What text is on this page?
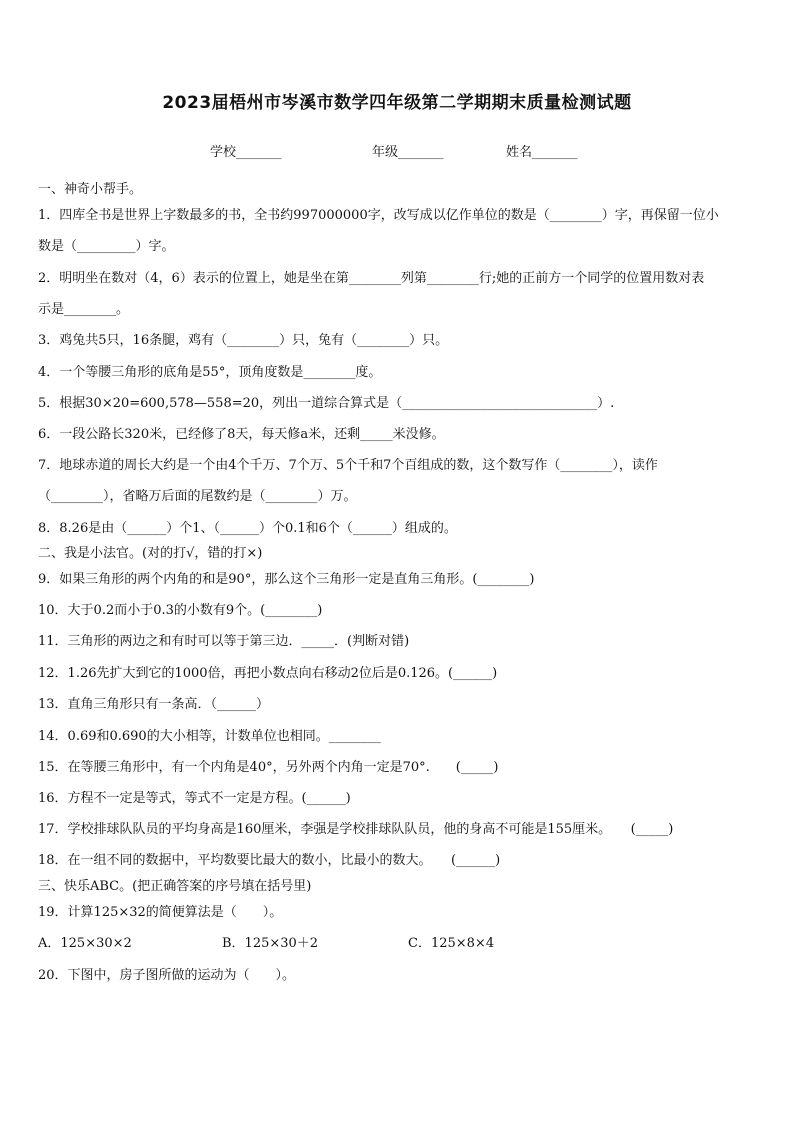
2023届梧州市岑溪市数学四年级第二学期期末质量检测试题
学校_______	年级_______	姓名_______
一、神奇小帮手。
1．四库全书是世界上字数最多的书，全书约997000000字，改写成以亿作单位的数是（________）字，再保留一位小
数是（_________）字。
2．明明坐在数对（4，6）表示的位置上，她是坐在第________列第________行;她的正前方一个同学的位置用数对表
示是________。
3．鸡兔共5只，16条腿，鸡有（________）只，兔有（________）只。
4．一个等腰三角形的底角是55°，顶角度数是________度。
5．根据30×20=600,578—558=20，列出一道综合算式是（______________________________）.
6．一段公路长320米，已经修了8天，每天修a米，还剩_____米没修。
7．地球赤道的周长大约是一个由4个千万、7个万、5个千和7个百组成的数，这个数写作（________），读作
（________），省略万后面的尾数约是（________）万。
8．8.26是由（______）个1、（______）个0.1和6个（______）组成的。
二、我是小法官。(对的打√，错的打×)
9．如果三角形的两个内角的和是90°，那么这个三角形一定是直角三角形。(________)
10．大于0.2而小于0.3的小数有9个。(________)
11．三角形的两边之和有时可以等于第三边．_____．(判断对错)
12．1.26先扩大到它的1000倍，再把小数点向右移动2位后是0.126。(______)
13．直角三角形只有一条高．（______）
14．0.69和0.690的大小相等，计数单位也相同。________
15．在等腰三角形中，有一个内角是40°，另外两个内角一定是70°.　　(_____)
16．方程不一定是等式，等式不一定是方程。(______)
17．学校排球队队员的平均身高是160厘米，李强是学校排球队队员，他的身高不可能是155厘米。　　(_____)
18．在一组不同的数据中，平均数要比最大的数小，比最小的数大。　　(______)
三、快乐ABC。(把正确答案的序号填在括号里)
19．计算125×32的简便算法是（　　）。
A．125×30×2	B．125×30＋2	C．125×8×4
20．下图中，房子图所做的运动为（　　）。
